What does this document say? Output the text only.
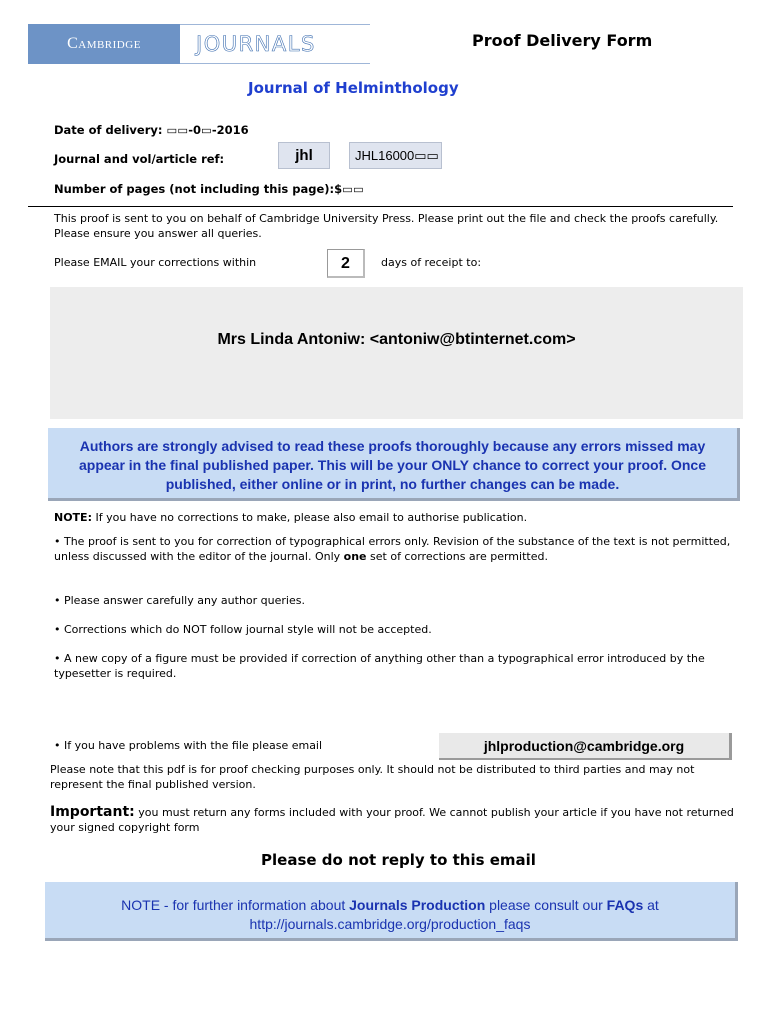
Cambridge	JOURNALS	Proof Delivery Form
Journal of Helminthology
Date of delivery: ▭▭-0▭-2016
Journal and vol/article ref:	jhl	JHL16000▭▭
Number of pages (not including this page):$▭▭
This proof is sent to you on behalf of Cambridge University Press. Please print out the file and check the proofs carefully. Please ensure you answer all queries.
Please EMAIL your corrections within	2	days of receipt to:
Mrs Linda Antoniw: <antoniw@btinternet.com>
Authors are strongly advised to read these proofs thoroughly because any errors missed may appear in the final published paper. This will be your ONLY chance to correct your proof. Once published, either online or in print, no further changes can be made.
NOTE: If you have no corrections to make, please also email to authorise publication.
• The proof is sent to you for correction of typographical errors only. Revision of the substance of the text is not permitted, unless discussed with the editor of the journal. Only one set of corrections are permitted.
• Please answer carefully any author queries.
• Corrections which do NOT follow journal style will not be accepted.
• A new copy of a figure must be provided if correction of anything other than a typographical error introduced by the typesetter is required.
• If you have problems with the file please email	jhlproduction@cambridge.org
Please note that this pdf is for proof checking purposes only. It should not be distributed to third parties and may not represent the final published version.
Important: you must return any forms included with your proof. We cannot publish your article if you have not returned your signed copyright form
Please do not reply to this email
NOTE - for further information about Journals Production please consult our FAQs at
http://journals.cambridge.org/production_faqs
